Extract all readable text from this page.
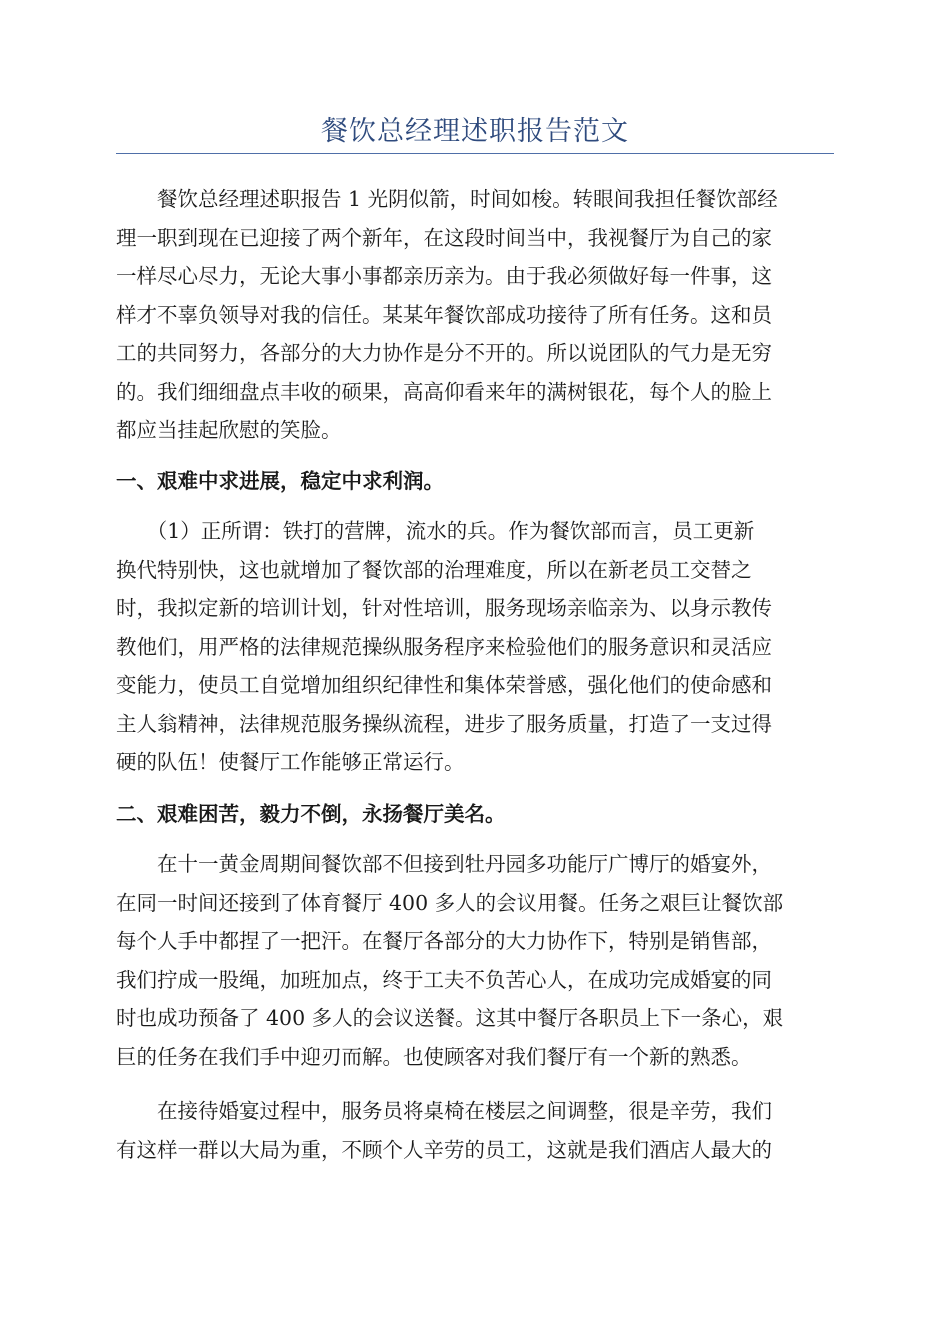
餐饮总经理述职报告范文
　　餐饮总经理述职报告 1 光阴似箭，时间如梭。转眼间我担任餐饮部经
理一职到现在已迎接了两个新年，在这段时间当中，我视餐厅为自己的家
一样尽心尽力，无论大事小事都亲历亲为。由于我必须做好每一件事，这
样才不辜负领导对我的信任。某某年餐饮部成功接待了所有任务。这和员
工的共同努力，各部分的大力协作是分不开的。所以说团队的气力是无穷
的。我们细细盘点丰收的硕果，高高仰看来年的满树银花，每个人的脸上
都应当挂起欣慰的笑脸。
一、艰难中求进展，稳定中求利润。
　　（1）正所谓：铁打的营牌，流水的兵。作为餐饮部而言，员工更新
换代特别快，这也就增加了餐饮部的治理难度，所以在新老员工交替之
时，我拟定新的培训计划，针对性培训，服务现场亲临亲为、以身示教传
教他们，用严格的法律规范操纵服务程序来检验他们的服务意识和灵活应
变能力，使员工自觉增加组织纪律性和集体荣誉感，强化他们的使命感和
主人翁精神，法律规范服务操纵流程，进步了服务质量，打造了一支过得
硬的队伍！使餐厅工作能够正常运行。
二、艰难困苦，毅力不倒，永扬餐厅美名。
　　在十一黄金周期间餐饮部不但接到牡丹园多功能厅广博厅的婚宴外，
在同一时间还接到了体育餐厅 400 多人的会议用餐。任务之艰巨让餐饮部
每个人手中都捏了一把汗。在餐厅各部分的大力协作下，特别是销售部，
我们拧成一股绳，加班加点，终于工夫不负苦心人，在成功完成婚宴的同
时也成功预备了 400 多人的会议送餐。这其中餐厅各职员上下一条心，艰
巨的任务在我们手中迎刃而解。也使顾客对我们餐厅有一个新的熟悉。
　　在接待婚宴过程中，服务员将桌椅在楼层之间调整，很是辛劳，我们
有这样一群以大局为重，不顾个人辛劳的员工，这就是我们酒店人最大的
